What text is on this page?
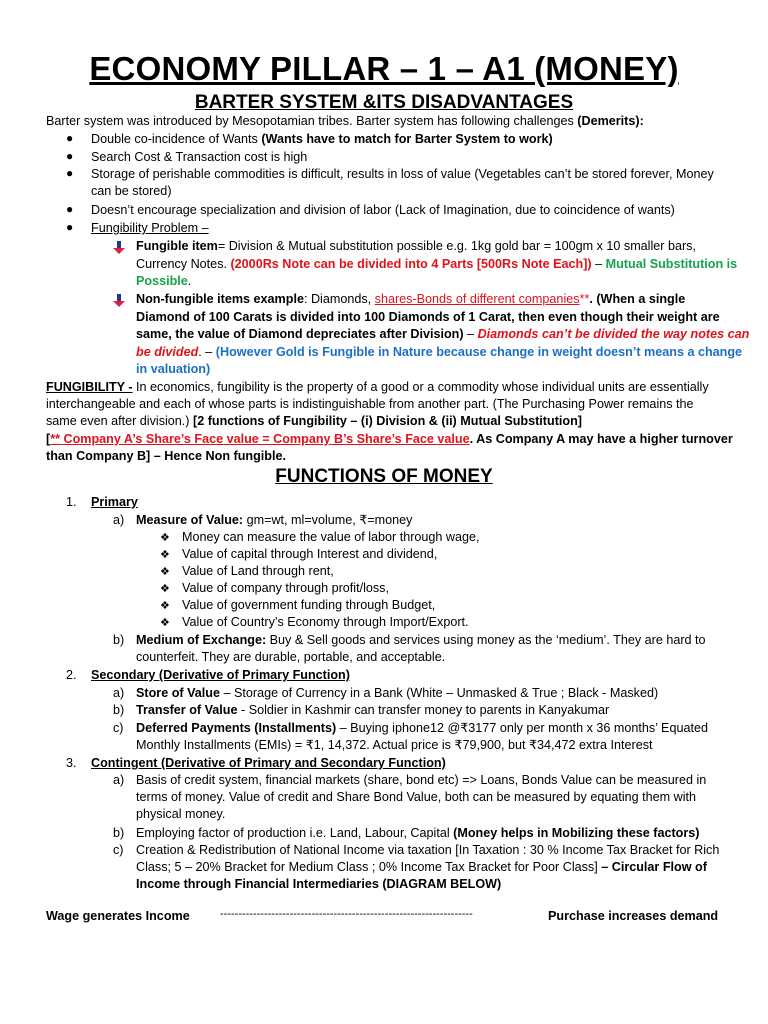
ECONOMY PILLAR – 1 – A1 (MONEY)
BARTER SYSTEM &ITS DISADVANTAGES
Barter system was introduced by Mesopotamian tribes. Barter system has following challenges (Demerits):
● Double co-incidence of Wants (Wants have to match for Barter System to work)
● Search Cost & Transaction cost is high
● Storage of perishable commodities is difficult, results in loss of value (Vegetables can’t be stored forever, Money
can be stored)
● Doesn’t encourage specialization and division of labor (Lack of Imagination, due to coincidence of wants)
● Fungibility Problem –
Fungible item= Division & Mutual substitution possible e.g. 1kg gold bar = 100gm x 10 smaller bars,
Currency Notes. (2000Rs Note can be divided into 4 Parts [500Rs Note Each]) – Mutual Substitution is
Possible.
Non-fungible items example: Diamonds, shares-Bonds of different companies**. (When a single
Diamond of 100 Carats is divided into 100 Diamonds of 1 Carat, then even though their weight are
same, the value of Diamond depreciates after Division) – Diamonds can’t be divided the way notes can
be divided. – (However Gold is Fungible in Nature because change in weight doesn’t means a change
in valuation)
FUNGIBILITY - In economics, fungibility is the property of a good or a commodity whose individual units are essentially
interchangeable and each of whose parts is indistinguishable from another part. (The Purchasing Power remains the
same even after division.) [2 functions of Fungibility – (i) Division & (ii) Mutual Substitution]
[** Company A’s Share’s Face value = Company B’s Share’s Face value. As Company A may have a higher turnover
than Company B] – Hence Non fungible.
FUNCTIONS OF MONEY
1. Primary
a) Measure of Value: gm=wt, ml=volume, ₹=money
❖ Money can measure the value of labor through wage,
❖ Value of capital through Interest and dividend,
❖ Value of Land through rent,
❖ Value of company through profit/loss,
❖ Value of government funding through Budget,
❖ Value of Country’s Economy through Import/Export.
b) Medium of Exchange: Buy & Sell goods and services using money as the ‘medium’. They are hard to
counterfeit. They are durable, portable, and acceptable.
2. Secondary (Derivative of Primary Function)
a) Store of Value – Storage of Currency in a Bank (White – Unmasked & True ; Black - Masked)
b) Transfer of Value - Soldier in Kashmir can transfer money to parents in Kanyakumar
c) Deferred Payments (Installments) – Buying iphone12 @₹3177 only per month x 36 months’ Equated
Monthly Installments (EMIs) = ₹1, 14,372. Actual price is ₹79,900, but ₹34,472 extra Interest
3. Contingent (Derivative of Primary and Secondary Function)
a) Basis of credit system, financial markets (share, bond etc) => Loans, Bonds Value can be measured in
terms of money. Value of credit and Share Bond Value, both can be measured by equating them with
physical money.
b) Employing factor of production i.e. Land, Labour, Capital (Money helps in Mobilizing these factors)
c) Creation & Redistribution of National Income via taxation [In Taxation : 30 % Income Tax Bracket for Rich
Class; 5 – 20% Bracket for Medium Class ; 0% Income Tax Bracket for Poor Class] – Circular Flow of
Income through Financial Intermediaries (DIAGRAM BELOW)
Wage generates Income	---------------------------------------------------------------------	Purchase increases demand
